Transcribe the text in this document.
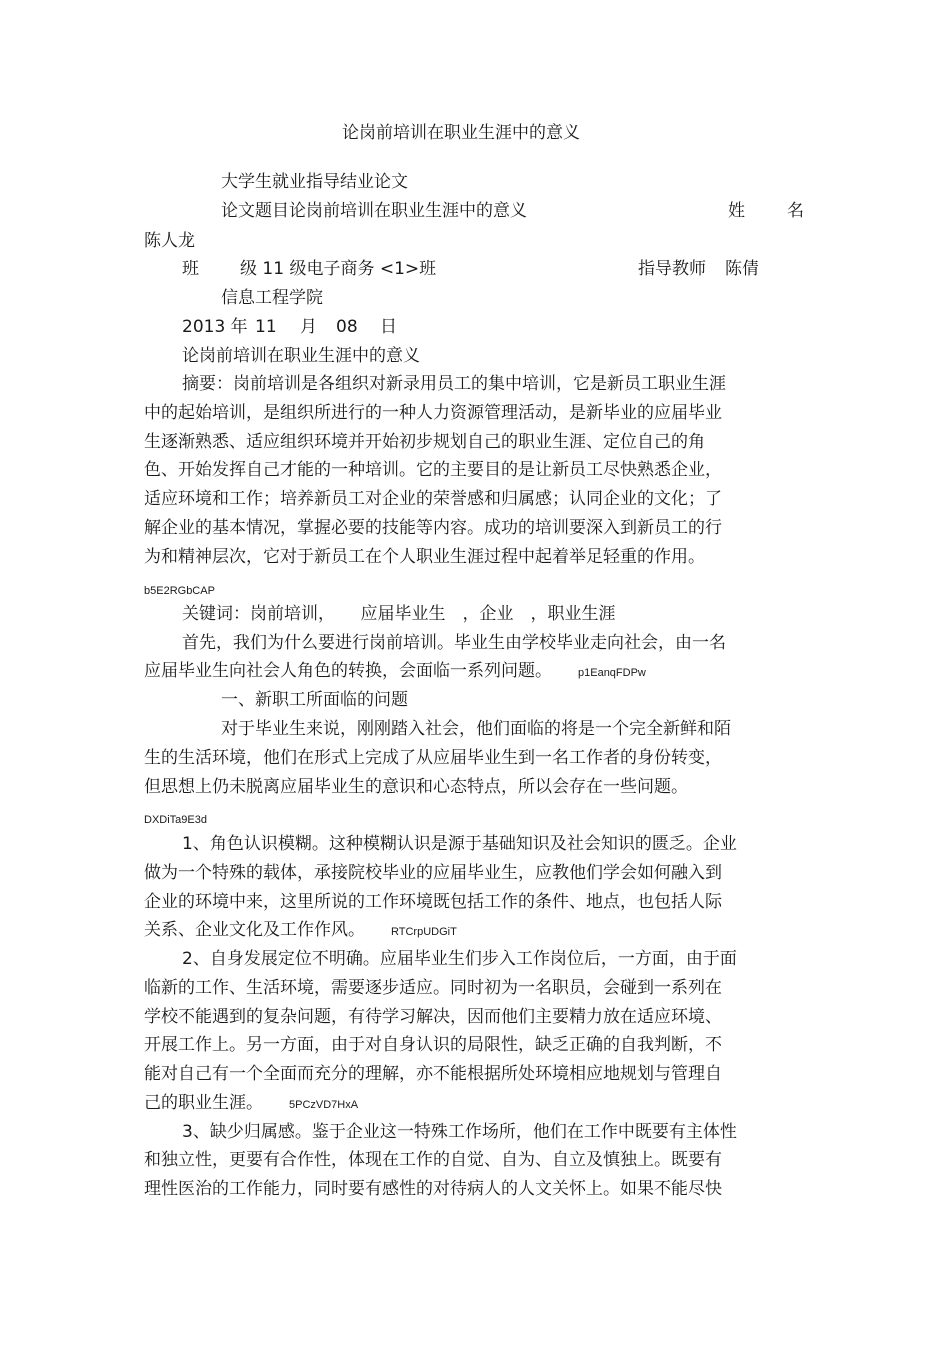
论岗前培训在职业生涯中的意义
大学生就业指导结业论文
论文题目论岗前培训在职业生涯中的意义	姓 名
陈人龙
班 级 11 级电子商务 <1>班	指导教师 陈倩
信息工程学院
2013 年 11 月 08 日
论岗前培训在职业生涯中的意义
摘要：岗前培训是各组织对新录用员工的集中培训，它是新员工职业生涯
中的起始培训，是组织所进行的一种人力资源管理活动，是新毕业的应届毕业
生逐渐熟悉、适应组织环境并开始初步规划自己的职业生涯、定位自己的角
色、开始发挥自己才能的一种培训。它的主要目的是让新员工尽快熟悉企业，
适应环境和工作；培养新员工对企业的荣誉感和归属感；认同企业的文化；了
解企业的基本情况，掌握必要的技能等内容。成功的培训要深入到新员工的行
为和精神层次，它对于新员工在个人职业生涯过程中起着举足轻重的作用。
b5E2RGbCAP
关键词：岗前培训，　　应届毕业生　，企业　，职业生涯
首先，我们为什么要进行岗前培训。毕业生由学校毕业走向社会，由一名
应届毕业生向社会人角色的转换，会面临一系列问题。 p1EanqFDPw
一、新职工所面临的问题
对于毕业生来说，刚刚踏入社会，他们面临的将是一个完全新鲜和陌
生的生活环境，他们在形式上完成了从应届毕业生到一名工作者的身份转变，
但思想上仍未脱离应届毕业生的意识和心态特点，所以会存在一些问题。
DXDiTa9E3d
1、角色认识模糊。这种模糊认识是源于基础知识及社会知识的匮乏。企业
做为一个特殊的载体，承接院校毕业的应届毕业生，应教他们学会如何融入到
企业的环境中来，这里所说的工作环境既包括工作的条件、地点，也包括人际
关系、企业文化及工作作风。 RTCrpUDGiT
2、自身发展定位不明确。应届毕业生们步入工作岗位后，一方面，由于面
临新的工作、生活环境，需要逐步适应。同时初为一名职员，会碰到一系列在
学校不能遇到的复杂问题，有待学习解决，因而他们主要精力放在适应环境、
开展工作上。另一方面，由于对自身认识的局限性，缺乏正确的自我判断，不
能对自己有一个全面而充分的理解，亦不能根据所处环境相应地规划与管理自
己的职业生涯。 5PCzVD7HxA
3、缺少归属感。鉴于企业这一特殊工作场所，他们在工作中既要有主体性
和独立性，更要有合作性，体现在工作的自觉、自为、自立及慎独上。既要有
理性医治的工作能力，同时要有感性的对待病人的人文关怀上。如果不能尽快
